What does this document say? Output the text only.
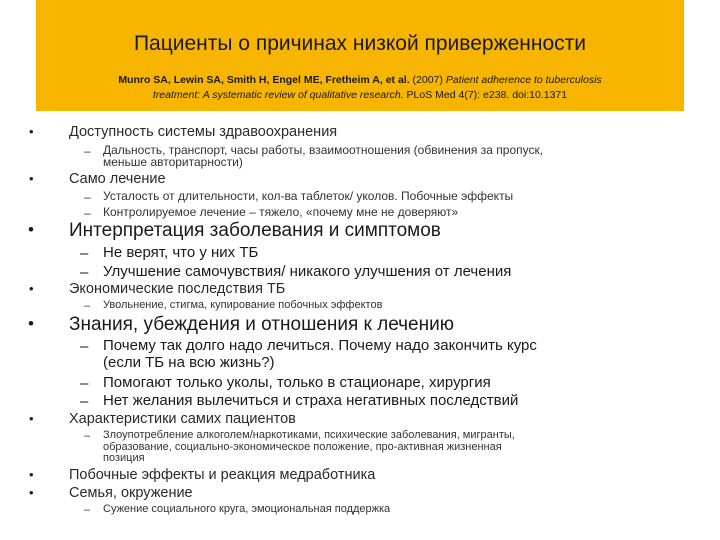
Пациенты о причинах низкой приверженности
Munro SA, Lewin SA, Smith H, Engel ME, Fretheim A, et al. (2007) Patient adherence to tuberculosis
treatment: A systematic review of qualitative research. PLoS Med 4(7): e238. doi:10.1371
• Доступность системы здравоохранения
– Дальность, транспорт, часы работы, взаимоотношения (обвинения за пропуск,
меньше авторитарности)
• Само лечение
– Усталость от длительности, кол-ва таблеток/ уколов. Побочные эффекты
– Контролируемое лечение – тяжело, «почему мне не доверяют»
• Интерпретация заболевания и симптомов
– Не верят, что у них ТБ
– Улучшение самочувствия/ никакого улучшения от лечения
• Экономические последствия ТБ
– Увольнение, стигма, купирование побочных эффектов
• Знания, убеждения и отношения к лечению
– Почему так долго надо лечиться. Почему надо закончить курс
(если ТБ на всю жизнь?)
– Помогают только уколы, только в стационаре, хирургия
– Нет желания вылечиться и страха негативных последствий
• Характеристики самих пациентов
– Злоупотребление алкоголем/наркотиками, психические заболевания, мигранты,
образование, социально-экономическое положение, про-активная жизненная
позиция
• Побочные эффекты и реакция медработника
• Семья, окружение
– Сужение социального круга, эмоциональная поддержка
